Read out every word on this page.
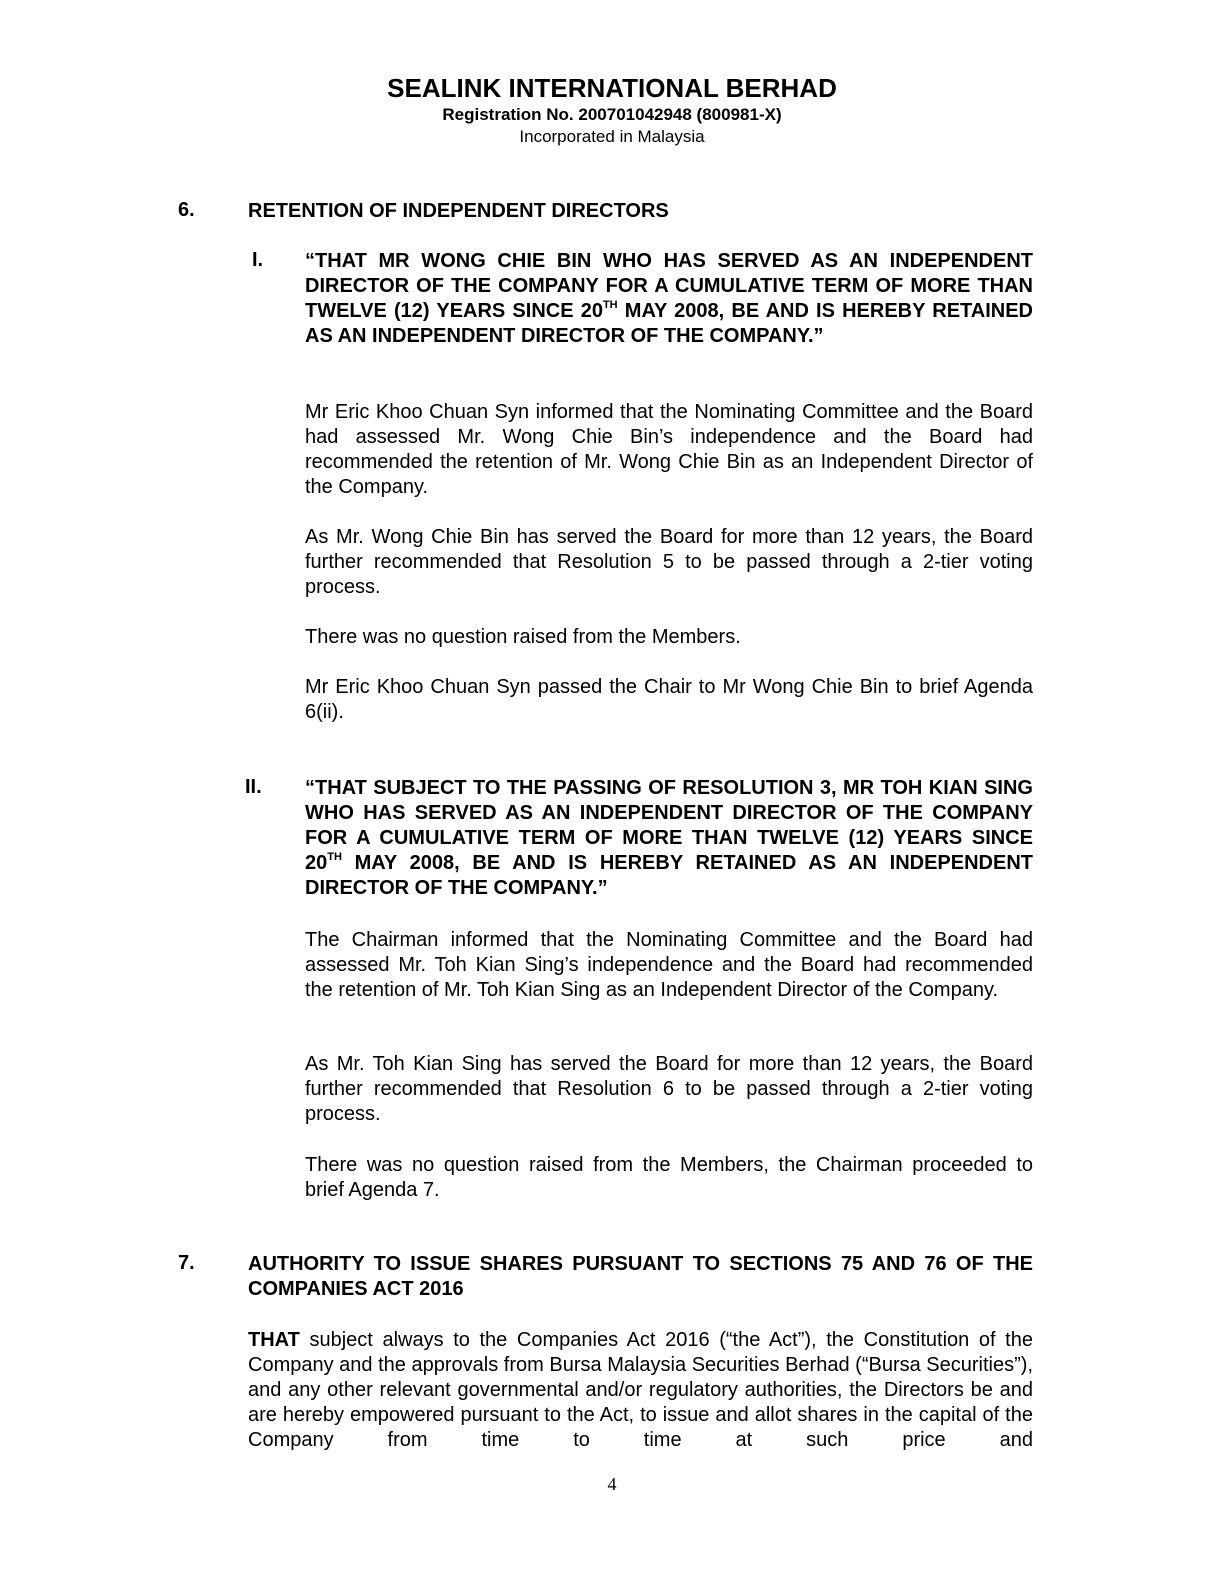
SEALINK INTERNATIONAL BERHAD
Registration No. 200701042948 (800981-X)
Incorporated in Malaysia
6.	RETENTION OF INDEPENDENT DIRECTORS
I. “THAT MR WONG CHIE BIN WHO HAS SERVED AS AN INDEPENDENT DIRECTOR OF THE COMPANY FOR A CUMULATIVE TERM OF MORE THAN TWELVE (12) YEARS SINCE 20TH MAY 2008, BE AND IS HEREBY RETAINED AS AN INDEPENDENT DIRECTOR OF THE COMPANY.”
Mr Eric Khoo Chuan Syn informed that the Nominating Committee and the Board had assessed Mr. Wong Chie Bin’s independence and the Board had recommended the retention of Mr. Wong Chie Bin as an Independent Director of the Company.
As Mr. Wong Chie Bin has served the Board for more than 12 years, the Board further recommended that Resolution 5 to be passed through a 2-tier voting process.
There was no question raised from the Members.
Mr Eric Khoo Chuan Syn passed the Chair to Mr Wong Chie Bin to brief Agenda 6(ii).
II. “THAT SUBJECT TO THE PASSING OF RESOLUTION 3, MR TOH KIAN SING WHO HAS SERVED AS AN INDEPENDENT DIRECTOR OF THE COMPANY FOR A CUMULATIVE TERM OF MORE THAN TWELVE (12) YEARS SINCE 20TH MAY 2008, BE AND IS HEREBY RETAINED AS AN INDEPENDENT DIRECTOR OF THE COMPANY.”
The Chairman informed that the Nominating Committee and the Board had assessed Mr. Toh Kian Sing’s independence and the Board had recommended the retention of Mr. Toh Kian Sing as an Independent Director of the Company.
As Mr. Toh Kian Sing has served the Board for more than 12 years, the Board further recommended that Resolution 6 to be passed through a 2-tier voting process.
There was no question raised from the Members, the Chairman proceeded to brief Agenda 7.
7.	AUTHORITY TO ISSUE SHARES PURSUANT TO SECTIONS 75 AND 76 OF THE COMPANIES ACT 2016
THAT subject always to the Companies Act 2016 (“the Act”), the Constitution of the Company and the approvals from Bursa Malaysia Securities Berhad (“Bursa Securities”), and any other relevant governmental and/or regulatory authorities, the Directors be and are hereby empowered pursuant to the Act, to issue and allot shares in the capital of the Company from time to time at such price and
4
